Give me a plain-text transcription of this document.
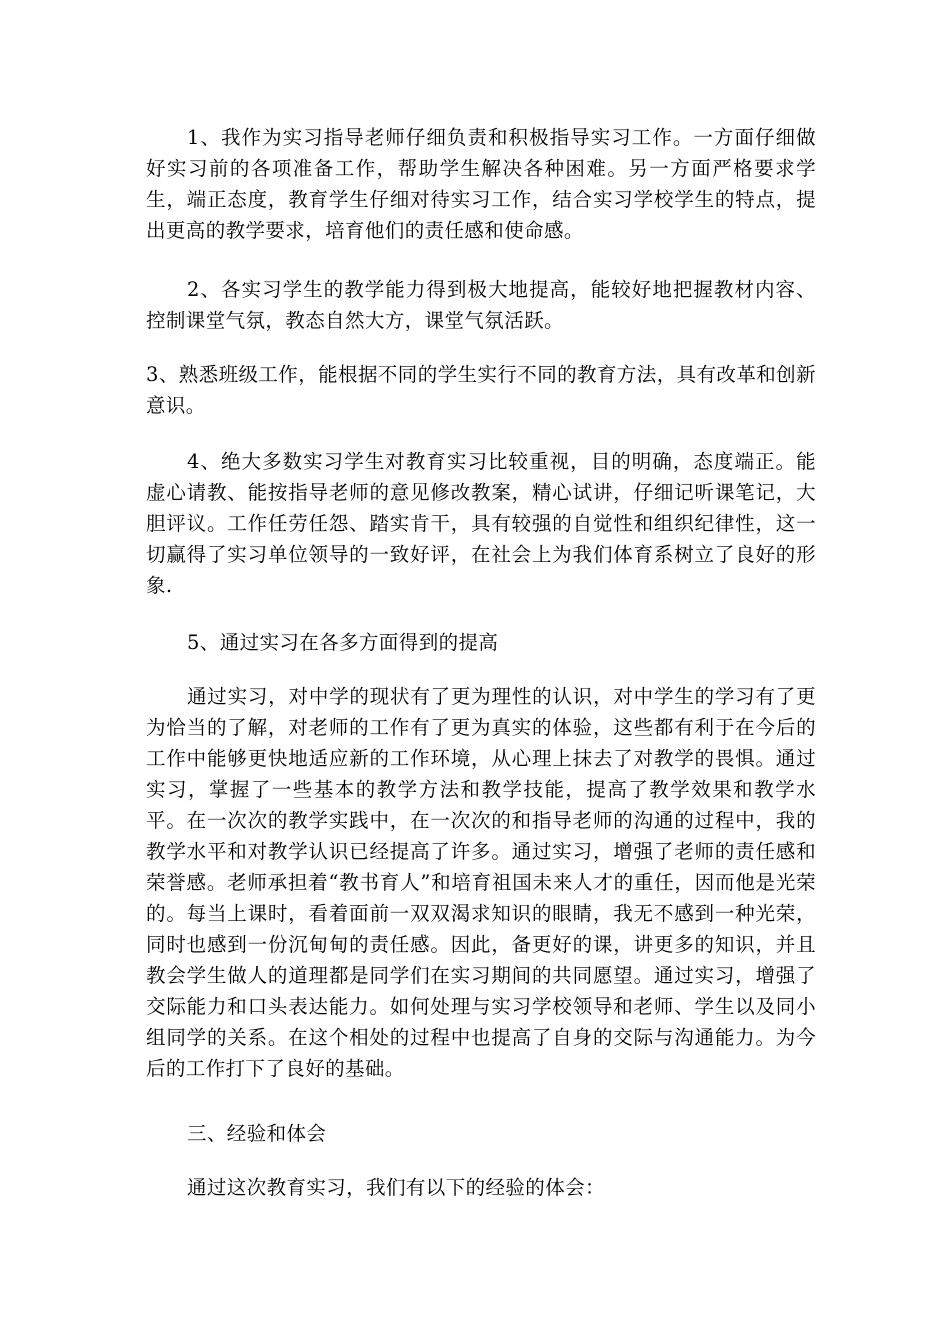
1、我作为实习指导老师仔细负责和积极指导实习工作。一方面仔细做好实习前的各项准备工作，帮助学生解决各种困难。另一方面严格要求学生，端正态度，教育学生仔细对待实习工作，结合实习学校学生的特点，提出更高的教学要求，培育他们的责任感和使命感。

2、各实习学生的教学能力得到极大地提高，能较好地把握教材内容、控制课堂气氛，教态自然大方，课堂气氛活跃。

3、熟悉班级工作，能根据不同的学生实行不同的教育方法，具有改革和创新意识。

4、绝大多数实习学生对教育实习比较重视，目的明确，态度端正。能虚心请教、能按指导老师的意见修改教案，精心试讲，仔细记听课笔记，大胆评议。工作任劳任怨、踏实肯干，具有较强的自觉性和组织纪律性，这一切赢得了实习单位领导的一致好评，在社会上为我们体育系树立了良好的形象.

5、通过实习在各多方面得到的提高

通过实习，对中学的现状有了更为理性的认识，对中学生的学习有了更为恰当的了解，对老师的工作有了更为真实的体验，这些都有利于在今后的工作中能够更快地适应新的工作环境，从心理上抹去了对教学的畏惧。通过实习，掌握了一些基本的教学方法和教学技能，提高了教学效果和教学水平。在一次次的教学实践中，在一次次的和指导老师的沟通的过程中，我的教学水平和对教学认识已经提高了许多。通过实习，增强了老师的责任感和荣誉感。老师承担着“教书育人”和培育祖国未来人才的重任，因而他是光荣的。每当上课时，看着面前一双双渴求知识的眼睛，我无不感到一种光荣，同时也感到一份沉甸甸的责任感。因此，备更好的课，讲更多的知识，并且教会学生做人的道理都是同学们在实习期间的共同愿望。通过实习，增强了交际能力和口头表达能力。如何处理与实习学校领导和老师、学生以及同小组同学的关系。在这个相处的过程中也提高了自身的交际与沟通能力。为今后的工作打下了良好的基础。

三、经验和体会

通过这次教育实习，我们有以下的经验的体会：
